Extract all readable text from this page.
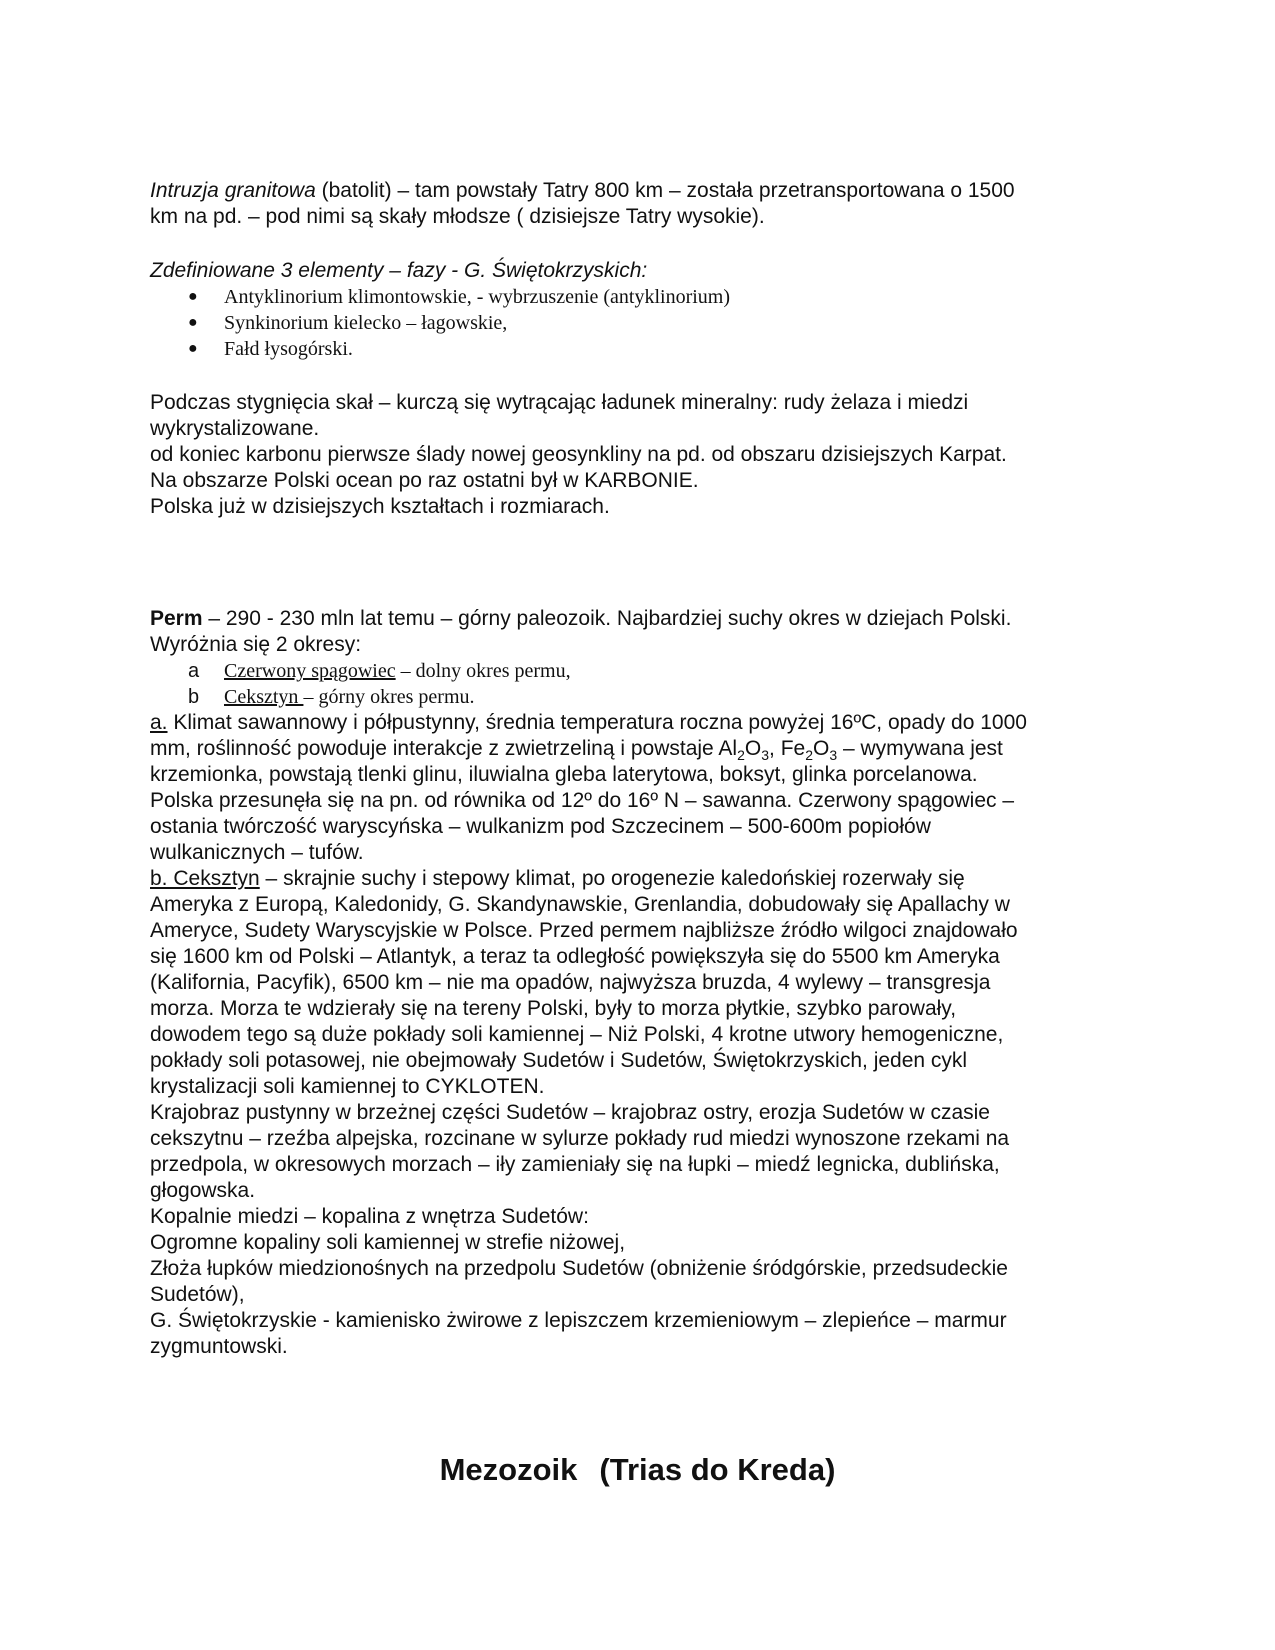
Intruzja granitowa (batolit) – tam powstały Tatry 800 km – została przetransportowana o 1500

km na pd. – pod nimi są skały młodsze ( dzisiejsze Tatry wysokie).

Zdefiniowane 3 elementy – fazy - G. Świętokrzyskich:

● Antyklinorium klimontowskie, - wybrzuszenie (antyklinorium)
● Synkinorium kielecko – łagowskie,
● Fałd łysogórski.

Podczas stygnięcia skał – kurczą się wytrącając ładunek mineralny: rudy żelaza i miedzi

wykrystalizowane.

od koniec karbonu pierwsze ślady nowej geosynkliny na pd. od obszaru dzisiejszych Karpat.

Na obszarze Polski ocean po raz ostatni był w KARBONIE.

Polska już w dzisiejszych kształtach i rozmiarach.

Perm – 290 - 230 mln lat temu – górny paleozoik. Najbardziej suchy okres w dziejach Polski.

Wyróżnia się 2 okresy:

a Czerwony spągowiec – dolny okres permu,
b Ceksztyn – górny okres permu.

a. Klimat sawannowy i półpustynny, średnia temperatura roczna powyżej 16ºC, opady do 1000

mm, roślinność powoduje interakcje z zwietrzeliną i powstaje $Al_2O_3$, $Fe_2O_3$ – wymywana jest

krzemionka, powstają tlenki glinu, iluwialna gleba laterytowa, boksyt, glinka porcelanowa.

Polska przesunęła się na pn. od równika od 12º do 16º N – sawanna. Czerwony spągowiec –

ostania twórczość waryscyńska – wulkanizm pod Szczecinem – 500-600m popiołów

wulkanicznych – tufów.

b. Ceksztyn – skrajnie suchy i stepowy klimat, po orogenezie kaledońskiej rozerwały się

Ameryka z Europą, Kaledonidy, G. Skandynawskie, Grenlandia, dobudowały się Apallachy w

Ameryce, Sudety Waryscyjskie w Polsce. Przed permem najbliższe źródło wilgoci znajdowało

się 1600 km od Polski – Atlantyk, a teraz ta odległość powiększyła się do 5500 km Ameryka

(Kalifornia, Pacyfik), 6500 km – nie ma opadów, najwyższa bruzda, 4 wylewy – transgresja

morza. Morza te wdzierały się na tereny Polski, były to morza płytkie, szybko parowały,

dowodem tego są duże pokłady soli kamiennej – Niż Polski, 4 krotne utwory hemogeniczne,

pokłady soli potasowej, nie obejmowały Sudetów i Sudetów, Świętokrzyskich, jeden cykl

krystalizacji soli kamiennej to CYKLOTEN.

Krajobraz pustynny w brzeżnej części Sudetów – krajobraz ostry, erozja Sudetów w czasie

cekszytnu – rzeźba alpejska, rozcinane w sylurze pokłady rud miedzi wynoszone rzekami na

przedpola, w okresowych morzach – iły zamieniały się na łupki – miedź legnicka, dublińska,

głogowska.

Kopalnie miedzi – kopalina z wnętrza Sudetów:

Ogromne kopaliny soli kamiennej w strefie niżowej,

Złoża łupków miedzionośnych na przedpolu Sudetów (obniżenie śródgórskie, przedsudeckie

Sudetów),

G. Świętokrzyskie - kamienisko żwirowe z lepiszczem krzemieniowym – zlepieńce – marmur

zygmuntowski.

Mezozoik (Trias do Kreda)
